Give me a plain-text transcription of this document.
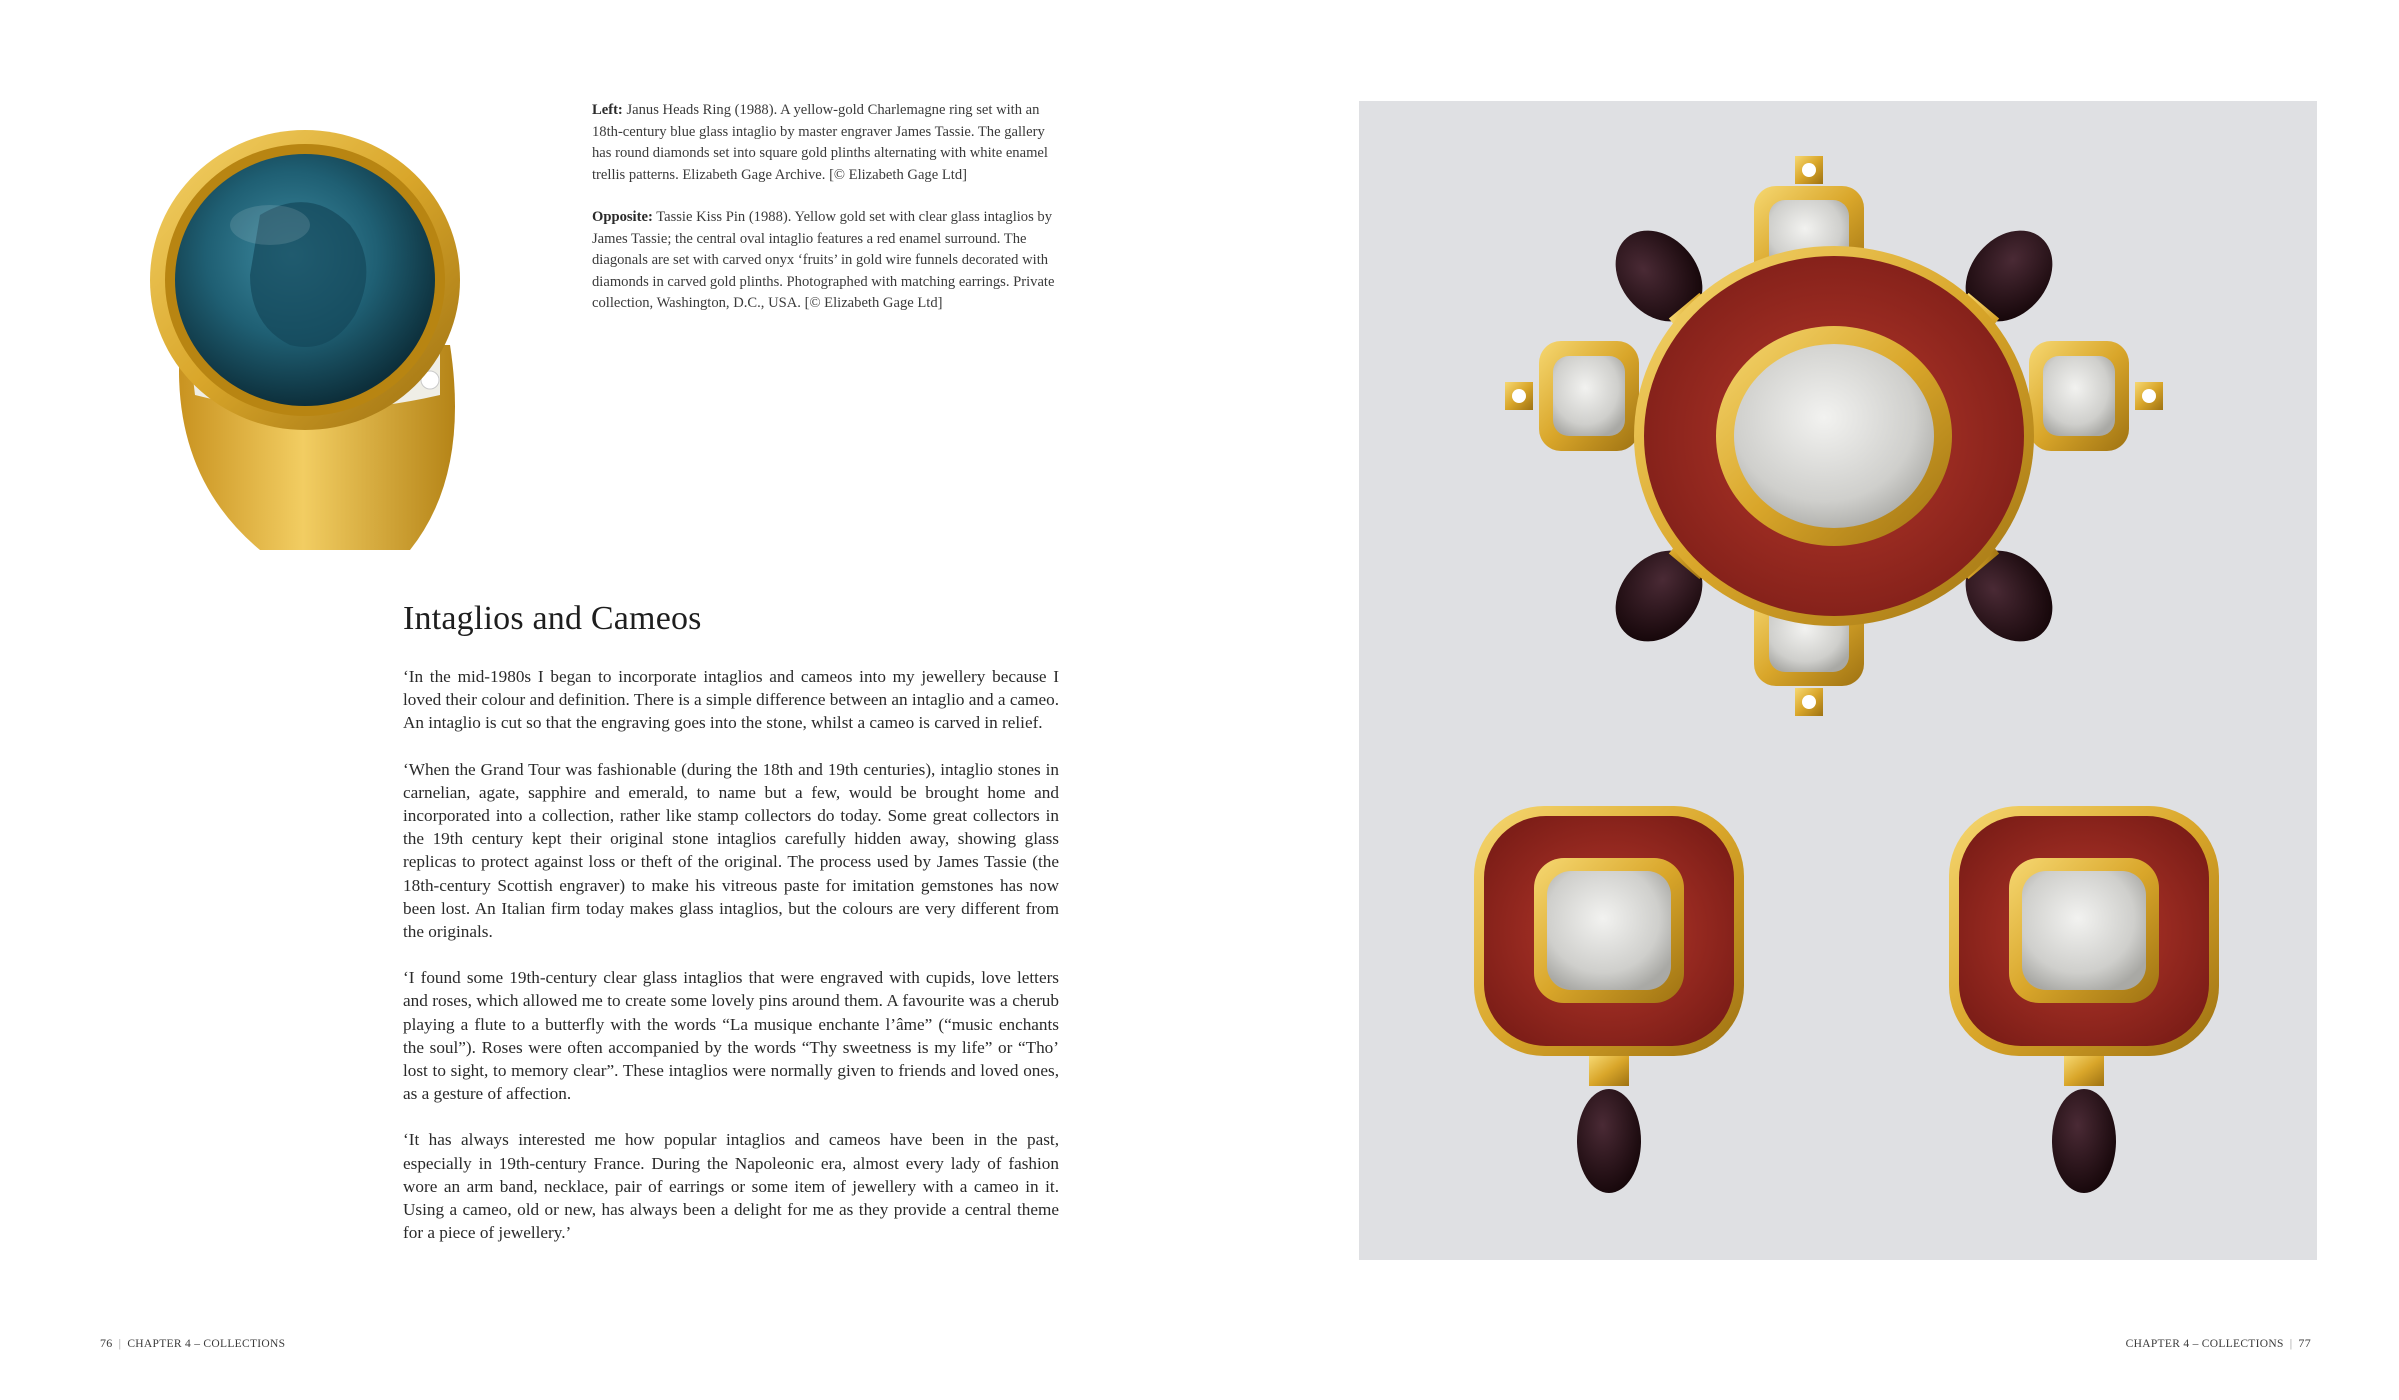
Left: Janus Heads Ring (1988). A yellow-gold Charlemagne ring set with an 18th-century blue glass intaglio by master engraver James Tassie. The gallery has round diamonds set into square gold plinths alternating with white enamel trellis patterns. Elizabeth Gage Archive. [© Elizabeth Gage Ltd]

Opposite: Tassie Kiss Pin (1988). Yellow gold set with clear glass intaglios by James Tassie; the central oval intaglio features a red enamel surround. The diagonals are set with carved onyx ‘fruits’ in gold wire funnels decorated with diamonds in carved gold plinths. Photographed with matching earrings. Private collection, Washington, D.C., USA. [© Elizabeth Gage Ltd]

Intaglios and Cameos

‘In the mid-1980s I began to incorporate intaglios and cameos into my jewellery because I loved their colour and definition. There is a simple difference between an intaglio and a cameo. An intaglio is cut so that the engraving goes into the stone, whilst a cameo is carved in relief.

‘When the Grand Tour was fashionable (during the 18th and 19th centuries), intaglio stones in carnelian, agate, sapphire and emerald, to name but a few, would be brought home and incorporated into a collection, rather like stamp collectors do today. Some great collectors in the 19th century kept their original stone intaglios carefully hidden away, showing glass replicas to protect against loss or theft of the original. The process used by James Tassie (the 18th-century Scottish engraver) to make his vitreous paste for imitation gemstones has now been lost. An Italian firm today makes glass intaglios, but the colours are very different from the originals.

‘I found some 19th-century clear glass intaglios that were engraved with cupids, love letters and roses, which allowed me to create some lovely pins around them. A favourite was a cherub playing a flute to a butterfly with the words “La musique enchante l’âme” (“music enchants the soul”). Roses were often accompanied by the words “Thy sweetness is my life” or “Tho’ lost to sight, to memory clear”. These intaglios were normally given to friends and loved ones, as a gesture of affection.

‘It has always interested me how popular intaglios and cameos have been in the past, especially in 19th-century France. During the Napoleonic era, almost every lady of fashion wore an arm band, necklace, pair of earrings or some item of jewellery with a cameo in it. Using a cameo, old or new, has always been a delight for me as they provide a central theme for a piece of jewellery.’

76 | CHAPTER 4 – COLLECTIONS	CHAPTER 4 – COLLECTIONS | 77
